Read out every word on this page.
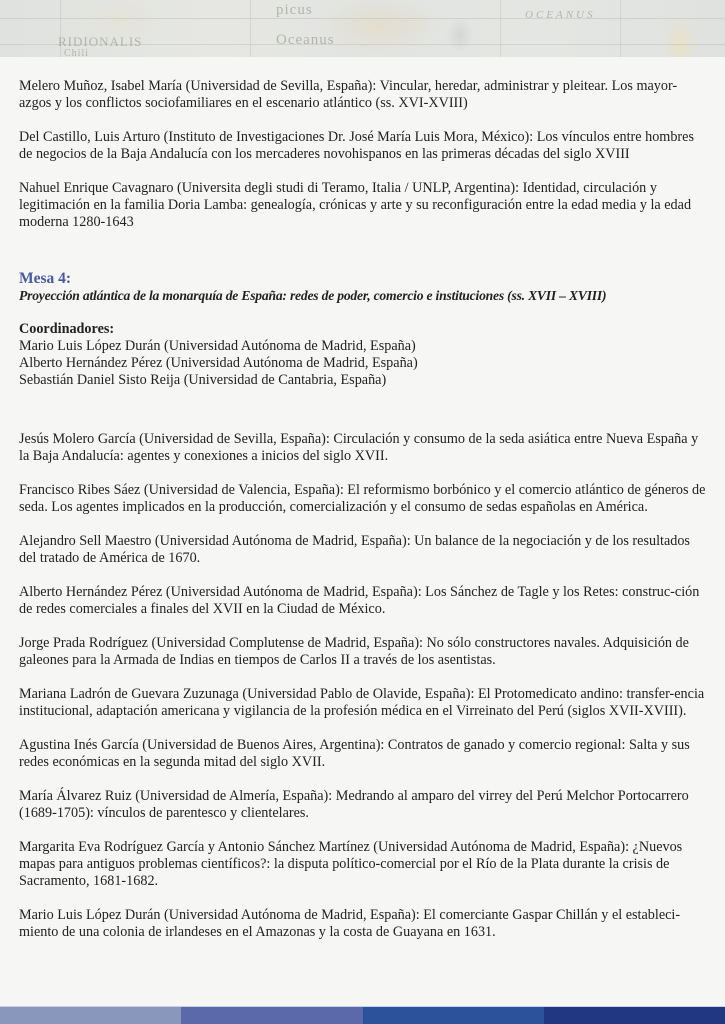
RIDIONALIS
Chili
picus
Oceanus
OCEANUS
Melero Muñoz, Isabel María (Universidad de Sevilla, España): Vincular, heredar, administrar y pleitear. Los mayor-azgos y los conflictos sociofamiliares en el escenario atlántico (ss. XVI-XVIII)
Del Castillo, Luis Arturo (Instituto de Investigaciones Dr. José María Luis Mora, México): Los vínculos entre hombres de negocios de la Baja Andalucía con los mercaderes novohispanos en las primeras décadas del siglo XVIII
Nahuel Enrique Cavagnaro (Universita degli studi di Teramo, Italia / UNLP, Argentina): Identidad, circulación y legitimación en la familia Doria Lamba: genealogía, crónicas y arte y su reconfiguración entre la edad media y la edad moderna 1280-1643
Mesa 4:
Proyección atlántica de la monarquía de España: redes de poder, comercio e instituciones (ss. XVII – XVIII)
Coordinadores:
Mario Luis López Durán (Universidad Autónoma de Madrid, España)
Alberto Hernández Pérez (Universidad Autónoma de Madrid, España)
Sebastián Daniel Sisto Reija (Universidad de Cantabria, España)
Jesús Molero García (Universidad de Sevilla, España): Circulación y consumo de la seda asiática entre Nueva España y la Baja Andalucía: agentes y conexiones a inicios del siglo XVII.
Francisco Ribes Sáez (Universidad de Valencia, España): El reformismo borbónico y el comercio atlántico de géneros de seda. Los agentes implicados en la producción, comercialización y el consumo de sedas españolas en América.
Alejandro Sell Maestro (Universidad Autónoma de Madrid, España): Un balance de la negociación y de los resultados del tratado de América de 1670.
Alberto Hernández Pérez (Universidad Autónoma de Madrid, España): Los Sánchez de Tagle y los Retes: construc-ción de redes comerciales a finales del XVII en la Ciudad de México.
Jorge Prada Rodríguez (Universidad Complutense de Madrid, España): No sólo constructores navales. Adquisición de galeones para la Armada de Indias en tiempos de Carlos II a través de los asentistas.
Mariana Ladrón de Guevara Zuzunaga (Universidad Pablo de Olavide, España): El Protomedicato andino: transfer-encia institucional, adaptación americana y vigilancia de la profesión médica en el Virreinato del Perú (siglos XVII-XVIII).
Agustina Inés García (Universidad de Buenos Aires, Argentina): Contratos de ganado y comercio regional: Salta y sus redes económicas en la segunda mitad del siglo XVII.
María Álvarez Ruiz (Universidad de Almería, España): Medrando al amparo del virrey del Perú Melchor Portocarrero (1689-1705): vínculos de parentesco y clientelares.
Margarita Eva Rodríguez García y Antonio Sánchez Martínez (Universidad Autónoma de Madrid, España): ¿Nuevos mapas para antiguos problemas científicos?: la disputa político-comercial por el Río de la Plata durante la crisis de Sacramento, 1681-1682.
Mario Luis López Durán (Universidad Autónoma de Madrid, España): El comerciante Gaspar Chillán y el estableci-miento de una colonia de irlandeses en el Amazonas y la costa de Guayana en 1631.
